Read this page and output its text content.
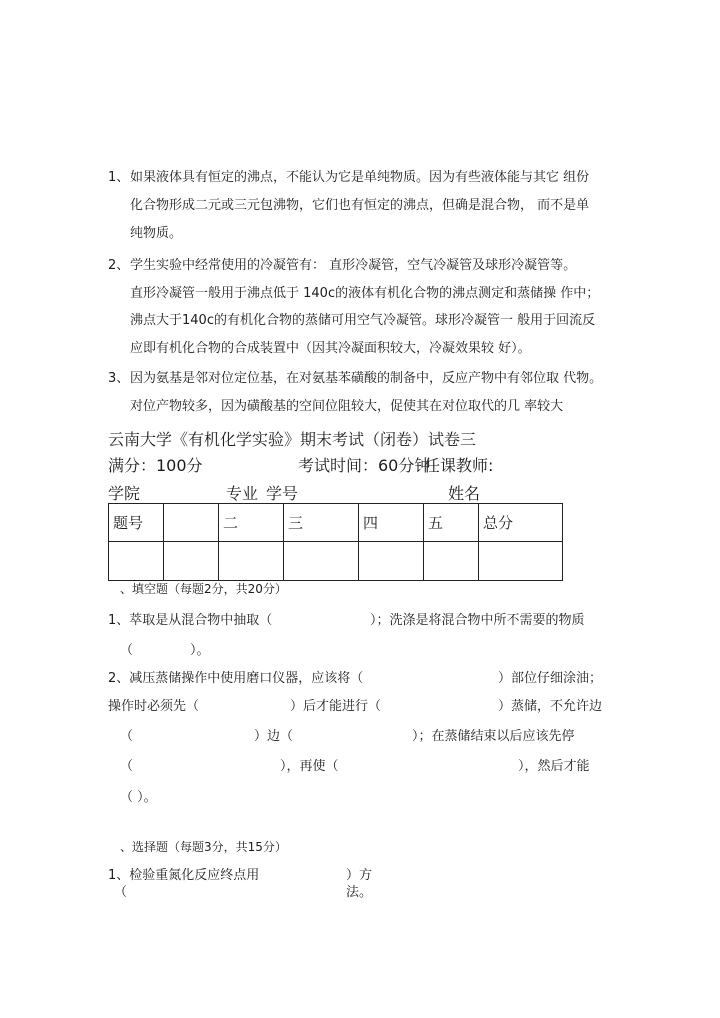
1、 如果液体具有恒定的沸点，不能认为它是单纯物质。因为有些液体能与其它 组份
化合物形成二元或三元包沸物，它们也有恒定的沸点，但确是混合物， 而不是单
纯物质。
2、 学生实验中经常使用的冷凝管有： 直形冷凝管，空气冷凝管及球形冷凝管等。
直形冷凝管一般用于沸点低于 140c的液体有机化合物的沸点测定和蒸储操 作中；
沸点大于140c的有机化合物的蒸储可用空气冷凝管。球形冷凝管一 般用于回流反
应即有机化合物的合成装置中（因其冷凝面积较大，冷凝效果较 好）。
3、 因为氨基是邻对位定位基，在对氨基苯磺酸的制备中，反应产物中有邻位取 代物。
对位产物较多，因为磺酸基的空间位阻较大，促使其在对位取代的几 率较大
云南大学《有机化学实验》期末考试（闭卷）试卷三
满分：100分	考试时间：60分钟
任课教师:
学院	专业 学号	姓名
题号		二	三	四	五	总分

、填空题（每题2分，共20分）
1、萃取是从混合物中抽取（	）；洗涤是将混合物中所不需要的物质
（	）。
2、减压蒸储操作中使用磨口仪器，应该将（	）部位仔细涂油；
操作时必须先（	）后才能进行（	）蒸储，不允许边
（	）边（	）；在蒸储结束以后应该先停
（	），再使（	），然后才能
（ ）。
、选择题（每题3分，共15分）
1、检验重氮化反应终点用
（
）方
法。
